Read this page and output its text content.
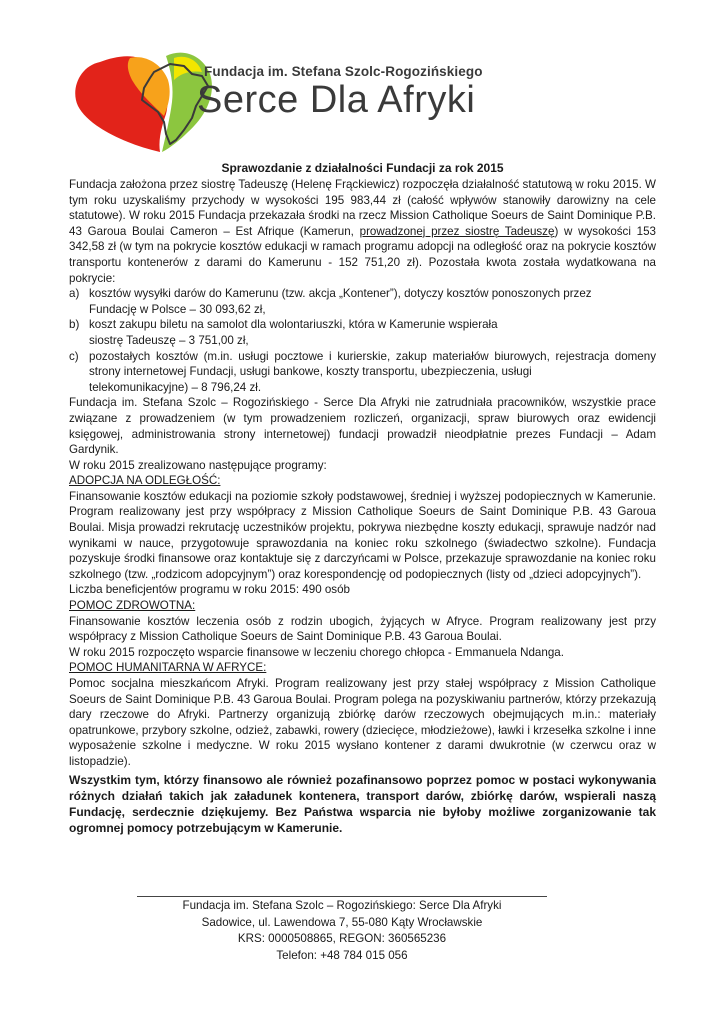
Fundacja im. Stefana Szolc-Rogozińskiego
Serce Dla Afryki
Sprawozdanie z działalności Fundacji za rok 2015

Fundacja założona przez siostrę Tadeuszę (Helenę Frąckiewicz) rozpoczęła działalność statutową w roku 2015. W tym roku uzyskaliśmy przychody w wysokości 195 983,44 zł (całość wpływów stanowiły darowizny na cele statutowe). W roku 2015 Fundacja przekazała środki na rzecz Mission Catholique Soeurs de Saint Dominique P.B. 43 Garoua Boulai Cameron – Est Afrique (Kamerun, prowadzonej przez siostrę Tadeuszę) w wysokości 153 342,58 zł (w tym na pokrycie kosztów edukacji w ramach programu adopcji na odległość oraz na pokrycie kosztów transportu kontenerów z darami do Kamerunu - 152 751,20 zł). Pozostała kwota została wydatkowana na pokrycie:

a) kosztów wysyłki darów do Kamerunu (tzw. akcja „Kontener”), dotyczy kosztów ponoszonych przez
Fundację w Polsce – 30 093,62 zł,
b) koszt zakupu biletu na samolot dla wolontariuszki, która w Kamerunie wspierała
siostrę Tadeuszę – 3 751,00 zł,
c) pozostałych kosztów (m.in. usługi pocztowe i kurierskie, zakup materiałów biurowych, rejestracja domeny strony internetowej Fundacji, usługi bankowe, koszty transportu, ubezpieczenia, usługi
telekomunikacyjne) – 8 796,24 zł.

Fundacja im. Stefana Szolc – Rogozińskiego - Serce Dla Afryki nie zatrudniała pracowników, wszystkie prace związane z prowadzeniem (w tym prowadzeniem rozliczeń, organizacji, spraw biurowych oraz ewidencji księgowej, administrowania strony internetowej) fundacji prowadził nieodpłatnie prezes Fundacji – Adam Gardynik.

W roku 2015 zrealizowano następujące programy:

ADOPCJA NA ODLEGŁOŚĆ:

Finansowanie kosztów edukacji na poziomie szkoły podstawowej, średniej i wyższej podopiecznych w Kamerunie. Program realizowany jest przy współpracy z Mission Catholique Soeurs de Saint Dominique P.B. 43 Garoua Boulai. Misja prowadzi rekrutację uczestników projektu, pokrywa niezbędne koszty edukacji, sprawuje nadzór nad wynikami w nauce, przygotowuje sprawozdania na koniec roku szkolnego (świadectwo szkolne). Fundacja pozyskuje środki finansowe oraz kontaktuje się z darczyńcami w Polsce, przekazuje sprawozdanie na koniec roku szkolnego (tzw. „rodzicom adopcyjnym”) oraz korespondencję od podopiecznych (listy od „dzieci adopcyjnych”).

Liczba beneficjentów programu w roku 2015: 490 osób

POMOC ZDROWOTNA:

Finansowanie kosztów leczenia osób z rodzin ubogich, żyjących w Afryce. Program realizowany jest przy współpracy z Mission Catholique Soeurs de Saint Dominique P.B. 43 Garoua Boulai.

W roku 2015 rozpoczęto wsparcie finansowe w leczeniu chorego chłopca - Emmanuela Ndanga.

POMOC HUMANITARNA W AFRYCE:

Pomoc socjalna mieszkańcom Afryki. Program realizowany jest przy stałej współpracy z Mission Catholique Soeurs de Saint Dominique P.B. 43 Garoua Boulai. Program polega na pozyskiwaniu partnerów, którzy przekazują dary rzeczowe do Afryki. Partnerzy organizują zbiórkę darów rzeczowych obejmujących m.in.: materiały opatrunkowe, przybory szkolne, odzież, zabawki, rowery (dziecięce, młodzieżowe), ławki i krzesełka szkolne i inne wyposażenie szkolne i medyczne. W roku 2015 wysłano kontener z darami dwukrotnie (w czerwcu oraz w listopadzie).

Wszystkim tym, którzy finansowo ale również pozafinansowo poprzez pomoc w postaci wykonywania różnych działań takich jak załadunek kontenera, transport darów, zbiórkę darów, wspierali naszą Fundację, serdecznie dziękujemy. Bez Państwa wsparcia nie byłoby możliwe zorganizowanie tak ogromnej pomocy potrzebującym w Kamerunie.

Fundacja im. Stefana Szolc – Rogozińskiego: Serce Dla Afryki
Sadowice, ul. Lawendowa 7, 55-080 Kąty Wrocławskie
KRS: 0000508865, REGON: 360565236
Telefon: +48 784 015 056
